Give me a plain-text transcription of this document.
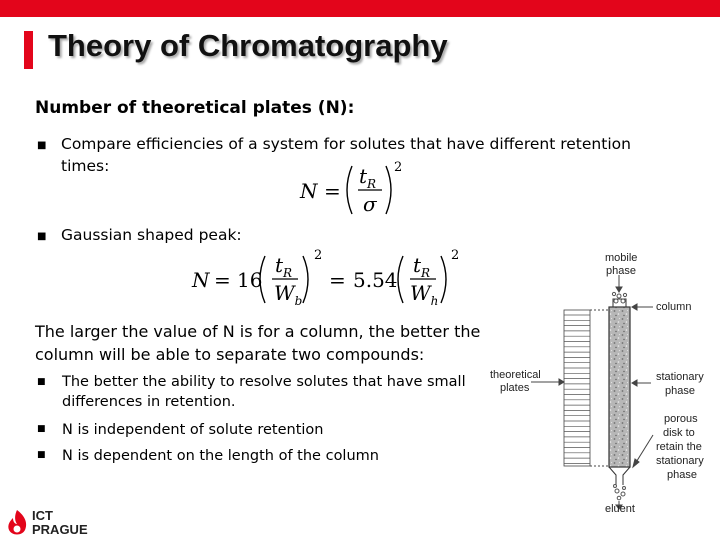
Theory of Chromatography
Number of theoretical plates (N):
■ Compare efficiencies of a system for solutes that have different retention
times:
N =
$t_R$
σ
2
■ Gaussian shaped peak:
N = 16
$t_R$
$W_b$
2
= 5.54
$t_R$
$W_h$
2
The larger the value of N is for a column, the better the
column will be able to separate two compounds:
■ The better the ability to resolve solutes that have small
differences in retention.
■ N is independent of solute retention
■ N is dependent on the length of the column
mobile
phase
column
theoretical
plates
stationary
phase
porous
disk to
retain the
stationary
phase
eluent
ICT
PRAGUE
